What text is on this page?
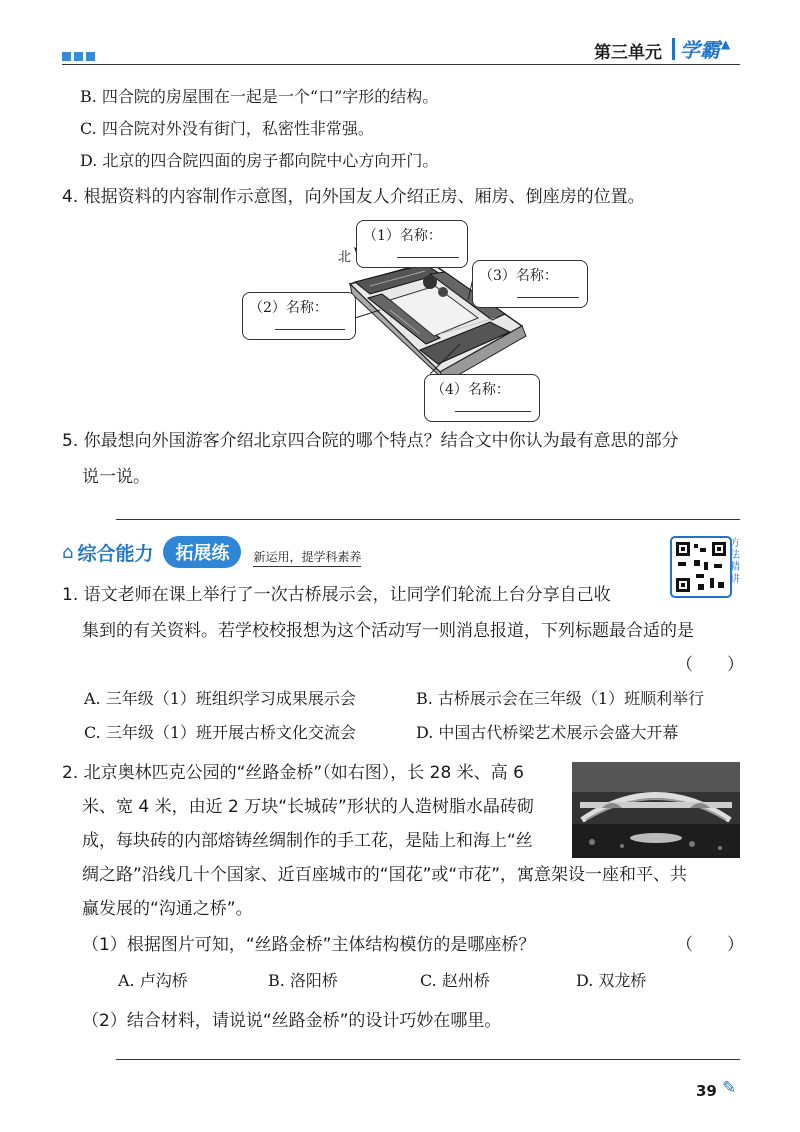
第三单元 学霸 ▲
B. 四合院的房屋围在一起是一个“口”字形的结构。
C. 四合院对外没有街门，私密性非常强。
D. 北京的四合院四面的房子都向院中心方向开门。
4. 根据资料的内容制作示意图，向外国友人介绍正房、厢房、倒座房的位置。
北
（1）名称：
（2）名称：
（3）名称：
（4）名称：
5. 你最想向外国游客介绍北京四合院的哪个特点？结合文中你认为最有意思的部分
说一说。
⌂ 综合能力	拓展练	新运用，提学科素养
方
法
精
讲
1. 语文老师在课上举行了一次古桥展示会，让同学们轮流上台分享自己收
集到的有关资料。若学校校报想为这个活动写一则消息报道，下列标题最合适的是
（　　）
A. 三年级（1）班组织学习成果展示会	B. 古桥展示会在三年级（1）班顺利举行
C. 三年级（1）班开展古桥文化交流会	D. 中国古代桥梁艺术展示会盛大开幕
2. 北京奥林匹克公园的“丝路金桥”（如右图），长 28 米、高 6
米、宽 4 米，由近 2 万块“长城砖”形状的人造树脂水晶砖砌
成，每块砖的内部熔铸丝绸制作的手工花，是陆上和海上“丝
绸之路”沿线几十个国家、近百座城市的“国花”或“市花”，寓意架设一座和平、共
赢发展的“沟通之桥”。
（1）根据图片可知，“丝路金桥”主体结构模仿的是哪座桥？	（　　）
A. 卢沟桥	B. 洛阳桥	C. 赵州桥	D. 双龙桥
（2）结合材料，请说说“丝路金桥”的设计巧妙在哪里。
39 ✎
